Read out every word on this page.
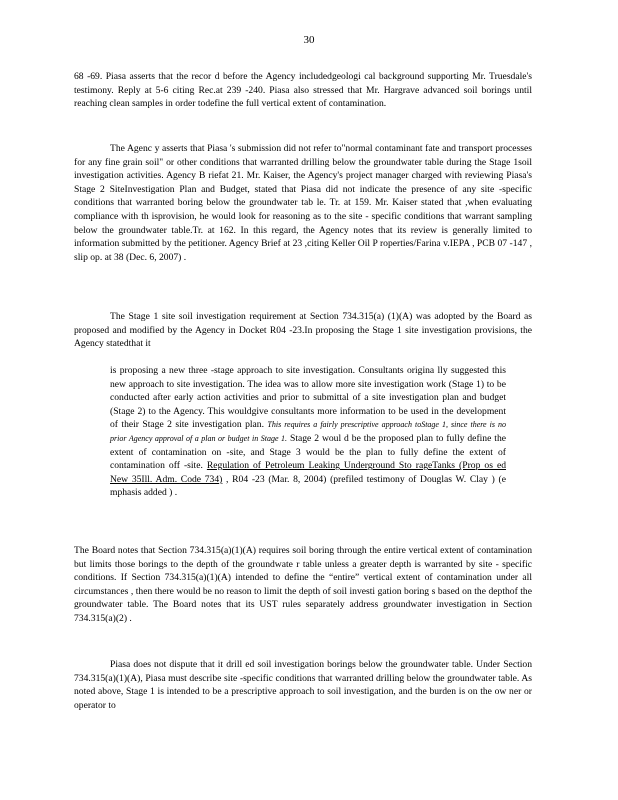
30

68 -69. Piasa asserts that the recor d before the Agency includedgeologi cal background supporting Mr. Truesdale's testimony. Reply at 5-6 citing Rec.at 239 -240. Piasa also stressed that Mr. Hargrave advanced soil borings until reaching clean samples in order todefine the full vertical extent of contamination.

The Agenc y asserts that Piasa 's submission did not refer to"normal contaminant fate and transport processes for any fine grain soil" or other conditions that warranted drilling below the groundwater table during the Stage 1soil investigation activities. Agency B riefat 21. Mr. Kaiser, the Agency's project manager charged with reviewing Piasa's Stage 2 SiteInvestigation Plan and Budget, stated that Piasa did not indicate the presence of any site -specific conditions that warranted boring below the groundwater tab le. Tr. at 159. Mr. Kaiser stated that ,when evaluating compliance with th isprovision, he would look for reasoning as to the site - specific conditions that warrant sampling below the groundwater table.Tr. at 162. In this regard, the Agency notes that its review is generally limited to information submitted by the petitioner. Agency Brief at 23 ,citing Keller Oil P roperties/Farina v.IEPA , PCB 07 -147 , slip op. at 38 (Dec. 6, 2007) .

The Stage 1 site soil investigation requirement at Section 734.315(a) (1)(A) was adopted by the Board as proposed and modified by the Agency in Docket R04 -23.In proposing the Stage 1 site investigation provisions, the Agency statedthat it

is proposing a new three -stage approach to site investigation. Consultants origina lly suggested this new approach to site investigation. The idea was to allow more site investigation work (Stage 1) to be conducted after early action activities and prior to submittal of a site investigation plan and budget (Stage 2) to the Agency. This wouldgive consultants more information to be used in the development of their Stage 2 site investigation plan. This requires a fairly prescriptive approach toStage 1, since there is no prior Agency approval of a plan or budget in Stage 1. Stage 2 woul d be the proposed plan to fully define the extent of contamination on -site, and Stage 3 would be the plan to fully define the extent of contamination off -site. Regulation of Petroleum Leaking Underground Sto rageTanks (Prop os ed New 35Ill. Adm. Code 734) , R04 -23 (Mar. 8, 2004) (prefiled testimony of Douglas W. Clay ) (e mphasis added ) .

The Board notes that Section 734.315(a)(1)(A) requires soil boring through the entire vertical extent of contamination but limits those borings to the depth of the groundwate r table unless a greater depth is warranted by site - specific conditions. If Section 734.315(a)(1)(A) intended to define the “entire” vertical extent of contamination under all circumstances , then there would be no reason to limit the depth of soil investi gation boring s based on the depthof the groundwater table. The Board notes that its UST rules separately address groundwater investigation in Section 734.315(a)(2) .

Piasa does not dispute that it drill ed soil investigation borings below the groundwater table. Under Section 734.315(a)(1)(A), Piasa must describe site -specific conditions that warranted drilling below the groundwater table. As noted above, Stage 1 is intended to be a prescriptive approach to soil investigation, and the burden is on the ow ner or operator to
